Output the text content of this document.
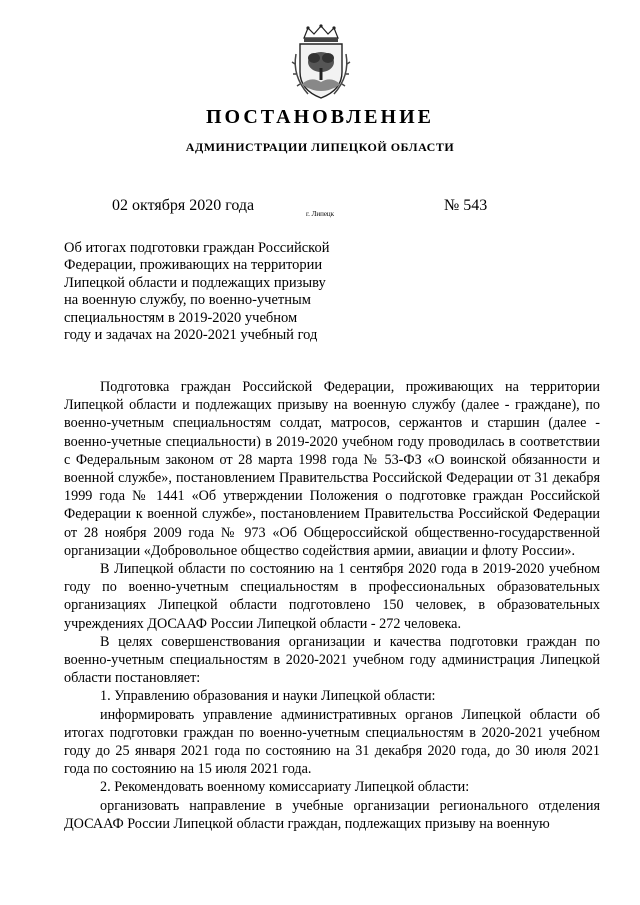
ПОСТАНОВЛЕНИЕ
АДМИНИСТРАЦИИ ЛИПЕЦКОЙ ОБЛАСТИ
02 октября 2020 года	г. Липецк	№ 543
Об итогах подготовки граждан Российской
Федерации, проживающих на территории
Липецкой области и подлежащих призыву
на военную службу, по военно-учетным
специальностям в 2019-2020 учебном
году и задачах на 2020-2021 учебный год

Подготовка граждан Российской Федерации, проживающих на территории Липецкой области и подлежащих призыву на военную службу (далее - граждане), по военно-учетным специальностям солдат, матросов, сержантов и старшин (далее - военно-учетные специальности) в 2019-2020 учебном году проводилась в соответствии с Федеральным законом от 28 марта 1998 года № 53-ФЗ «О воинской обязанности и военной службе», постановлением Правительства Российской Федерации от 31 декабря 1999 года № 1441 «Об утверждении Положения о подготовке граждан Российской Федерации к военной службе», постановлением Правительства Российской Федерации от 28 ноября 2009 года № 973 «Об Общероссийской общественно-государственной организации «Добровольное общество содействия армии, авиации и флоту России».

В Липецкой области по состоянию на 1 сентября 2020 года в 2019-2020 учебном году по военно-учетным специальностям в профессиональных образовательных организациях Липецкой области подготовлено 150 человек, в образовательных учреждениях ДОСААФ России Липецкой области - 272 человека.

В целях совершенствования организации и качества подготовки граждан по военно-учетным специальностям в 2020-2021 учебном году администрация Липецкой области постановляет:

1. Управлению образования и науки Липецкой области:

информировать управление административных органов Липецкой области об итогах подготовки граждан по военно-учетным специальностям в 2020-2021 учебном году до 25 января 2021 года по состоянию на 31 декабря 2020 года, до 30 июля 2021 года по состоянию на 15 июля 2021 года.

2. Рекомендовать военному комиссариату Липецкой области:

организовать направление в учебные организации регионального отделения ДОСААФ России Липецкой области граждан, подлежащих призыву на военную
